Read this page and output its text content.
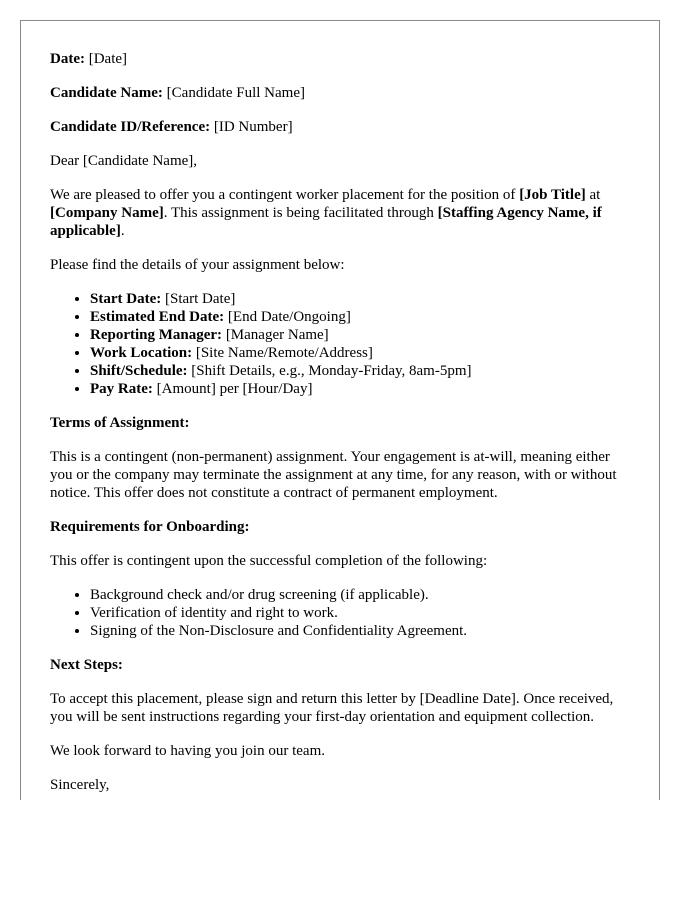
Date: [Date]

Candidate Name: [Candidate Full Name]

Candidate ID/Reference: [ID Number]

Dear [Candidate Name],

We are pleased to offer you a contingent worker placement for the position of [Job Title] at [Company Name]. This assignment is being facilitated through [Staffing Agency Name, if applicable].

Please find the details of your assignment below:

• Start Date: [Start Date]
• Estimated End Date: [End Date/Ongoing]
• Reporting Manager: [Manager Name]
• Work Location: [Site Name/Remote/Address]
• Shift/Schedule: [Shift Details, e.g., Monday-Friday, 8am-5pm]
• Pay Rate: [Amount] per [Hour/Day]

Terms of Assignment:

This is a contingent (non-permanent) assignment. Your engagement is at-will, meaning either you or the company may terminate the assignment at any time, for any reason, with or without notice. This offer does not constitute a contract of permanent employment.

Requirements for Onboarding:

This offer is contingent upon the successful completion of the following:

• Background check and/or drug screening (if applicable).
• Verification of identity and right to work.
• Signing of the Non-Disclosure and Confidentiality Agreement.

Next Steps:

To accept this placement, please sign and return this letter by [Deadline Date]. Once received, you will be sent instructions regarding your first-day orientation and equipment collection.

We look forward to having you join our team.

Sincerely,
